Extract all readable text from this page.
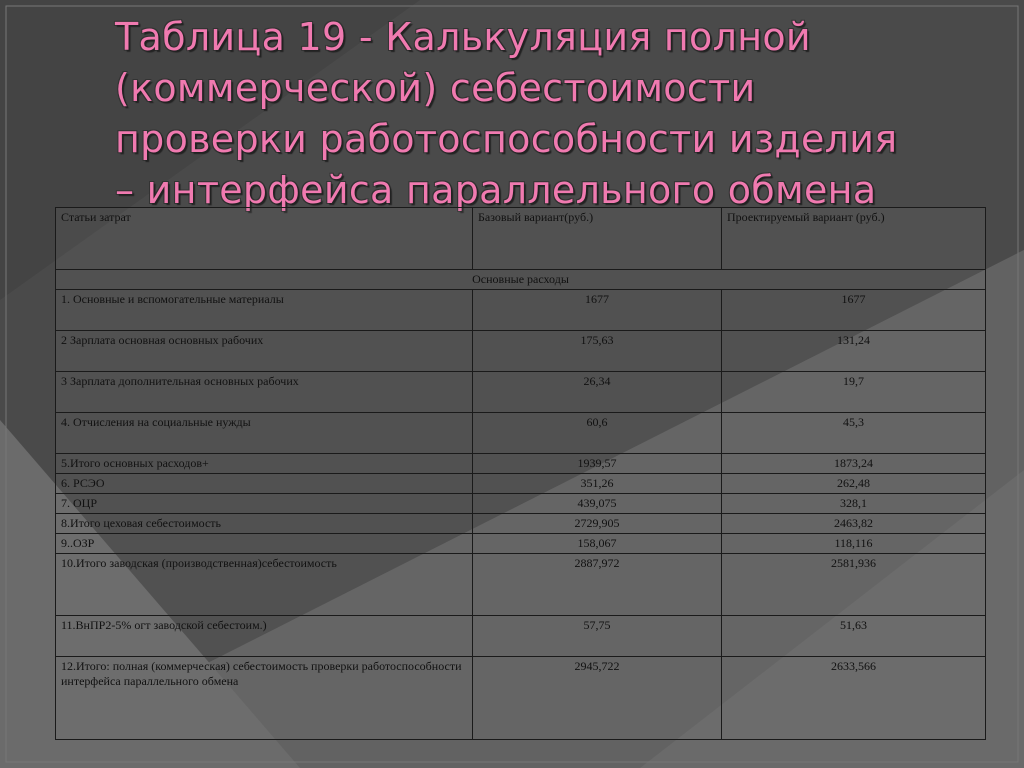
Таблица 19 - Калькуляция полной
(коммерческой) себестоимости
проверки работоспособности изделия
– интерфейса параллельного обмена
Статьи затрат	Базовый вариант(руб.)	Проектируемый вариант (руб.)
Основные расходы		
1. Основные и вспомогательные материалы	1677	1677
2 Зарплата основная основных рабочих	175,63	131,24
3 Зарплата дополнительная основных рабочих	26,34	19,7
4. Отчисления на социальные нужды	60,6	45,3
5.Итого основных расходов+	1939,57	1873,24
6. РСЭО	351,26	262,48
7. ОЦР	439,075	328,1
8.Итого цеховая себестоимость	2729,905	2463,82
9..ОЗР	158,067	118,116
10.Итого заводская (производственная)себестоимость	2887,972	2581,936
11.ВнПР2-5% огт заводской себестоим.)	57,75	51,63
12.Итого: полная (коммерческая) себестоимость проверки работоспособности интерфейса параллельного обмена	2945,722	2633,566
